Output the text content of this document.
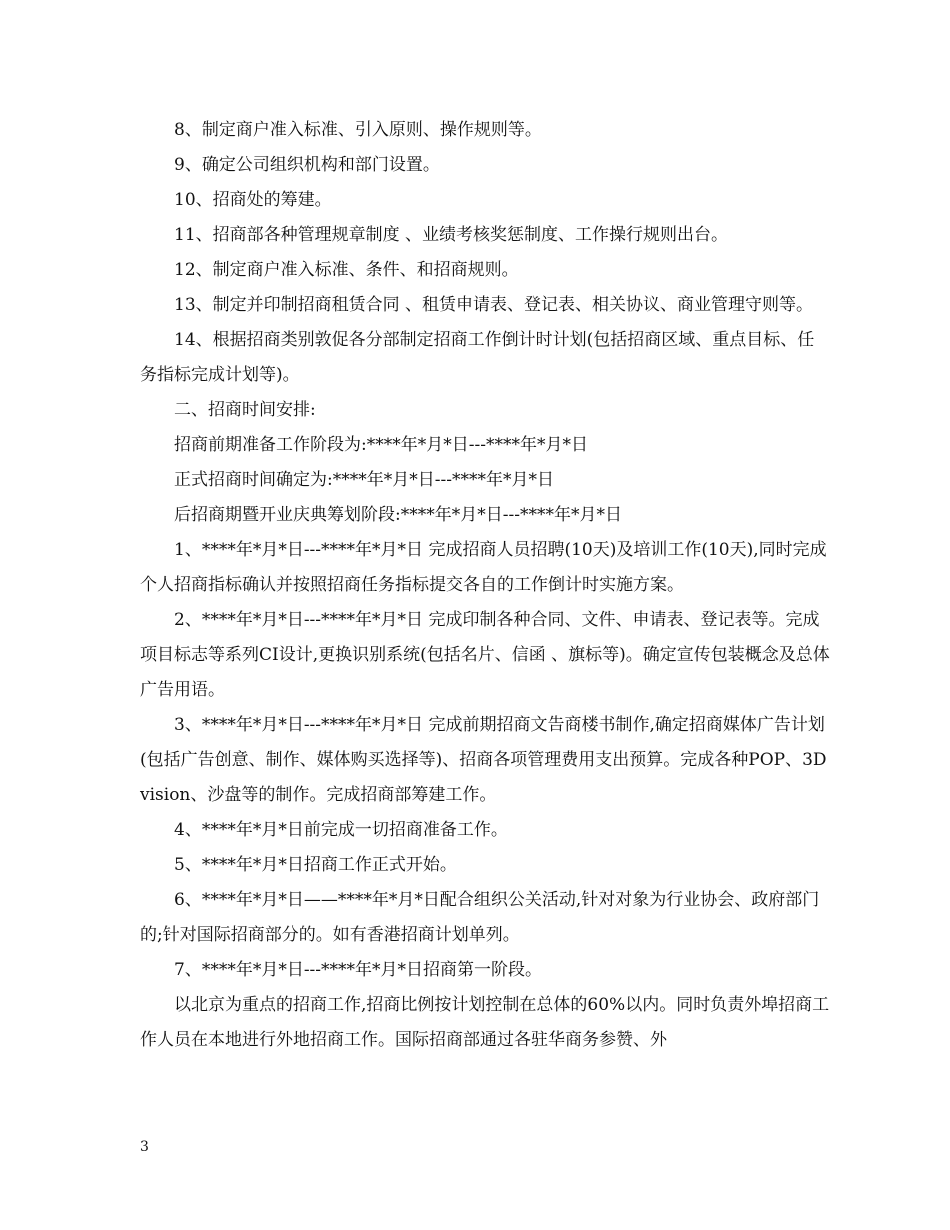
8、制定商户准入标准、引入原则、操作规则等。

9、确定公司组织机构和部门设置。

10、招商处的筹建。

11、招商部各种管理规章制度 、业绩考核奖惩制度、工作操行规则出台。

12、制定商户准入标准、条件、和招商规则。

13、制定并印制招商租赁合同 、租赁申请表、登记表、相关协议、商业管理守则等。

14、根据招商类别敦促各分部制定招商工作倒计时计划(包括招商区域、重点目标、任务指标完成计划等)。

二、招商时间安排:

招商前期准备工作阶段为:****年*月*日---****年*月*日

正式招商时间确定为:****年*月*日---****年*月*日

后招商期暨开业庆典筹划阶段:****年*月*日---****年*月*日

1、****年*月*日---****年*月*日 完成招商人员招聘(10天)及培训工作(10天),同时完成个人招商指标确认并按照招商任务指标提交各自的工作倒计时实施方案。

2、****年*月*日---****年*月*日 完成印制各种合同、文件、申请表、登记表等。完成项目标志等系列CI设计,更换识别系统(包括名片、信函 、旗标等)。确定宣传包装概念及总体广告用语。

3、****年*月*日---****年*月*日 完成前期招商文告商楼书制作,确定招商媒体广告计划(包括广告创意、制作、媒体购买选择等)、招商各项管理费用支出预算。完成各种POP、3D vision、沙盘等的制作。完成招商部筹建工作。

4、****年*月*日前完成一切招商准备工作。

5、****年*月*日招商工作正式开始。

6、****年*月*日——****年*月*日配合组织公关活动,针对对象为行业协会、政府部门的;针对国际招商部分的。如有香港招商计划单列。

7、****年*月*日---****年*月*日招商第一阶段。

以北京为重点的招商工作,招商比例按计划控制在总体的60%以内。同时负责外埠招商工作人员在本地进行外地招商工作。国际招商部通过各驻华商务参赞、外

3
